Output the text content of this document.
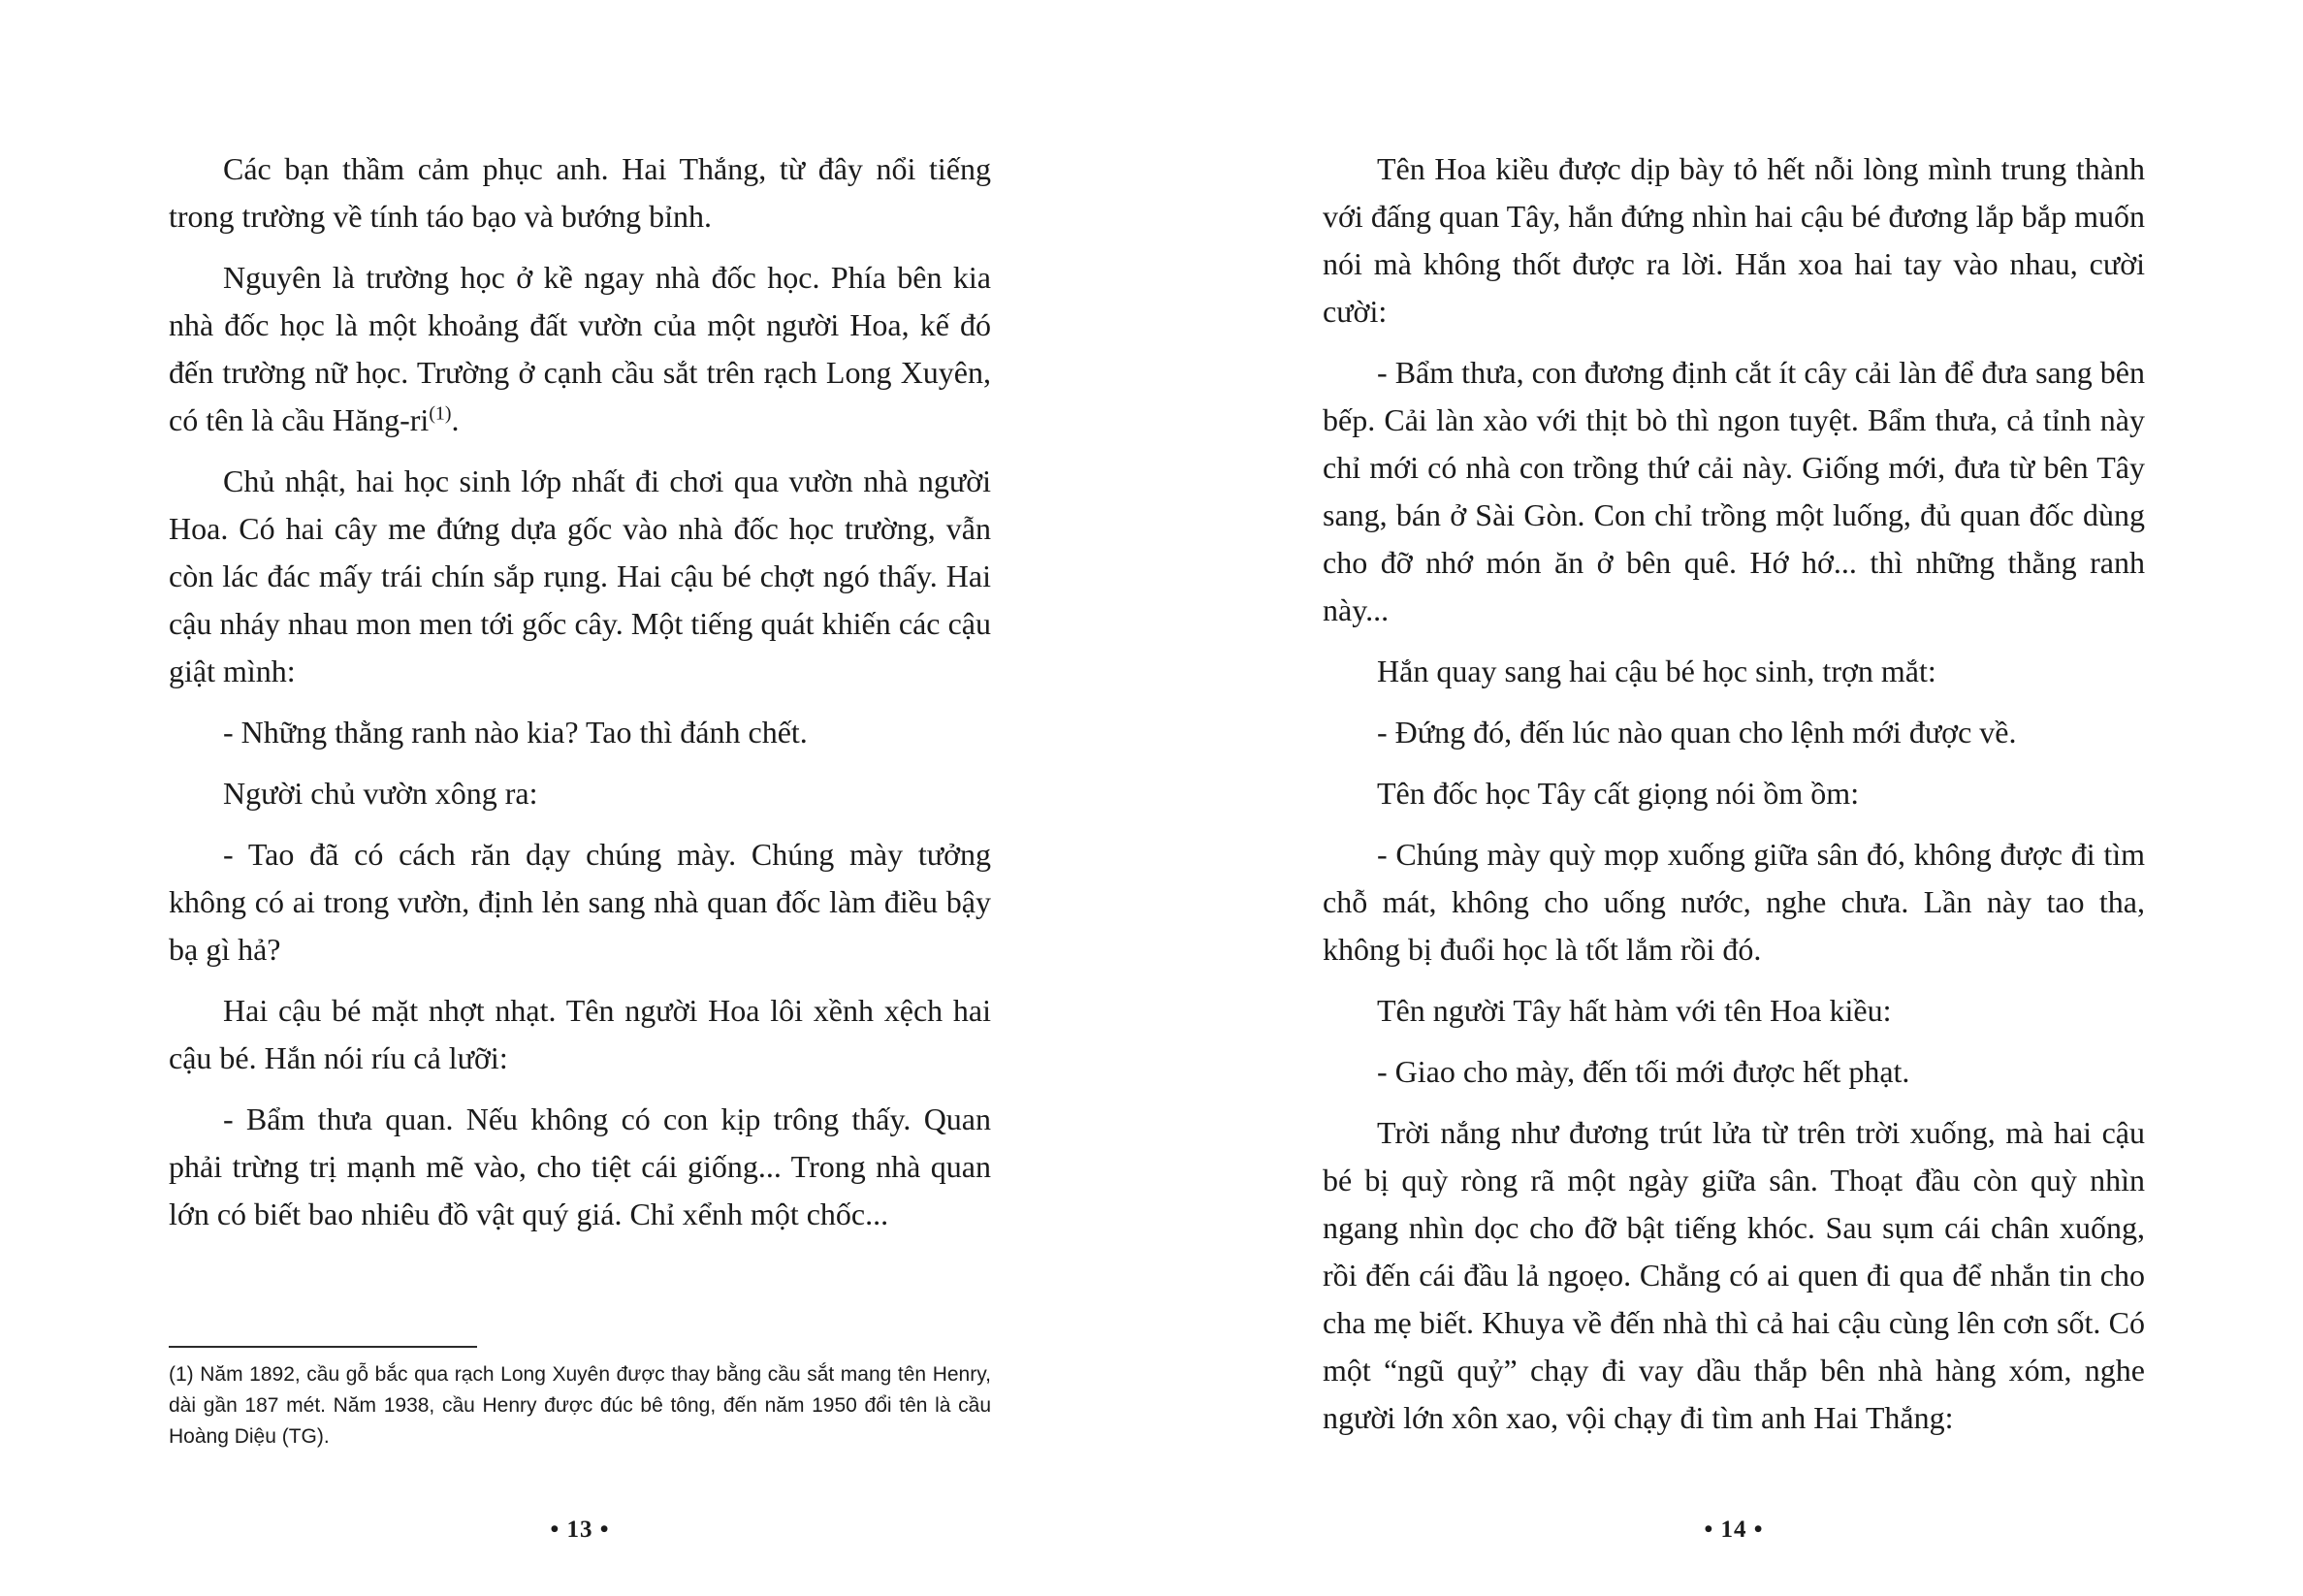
Các bạn thầm cảm phục anh. Hai Thắng, từ đây nổi tiếng trong trường về tính táo bạo và bướng bỉnh.

Nguyên là trường học ở kề ngay nhà đốc học. Phía bên kia nhà đốc học là một khoảng đất vườn của một người Hoa, kế đó đến trường nữ học. Trường ở cạnh cầu sắt trên rạch Long Xuyên, có tên là cầu Hăng-ri$^{(1)}$.

Chủ nhật, hai học sinh lớp nhất đi chơi qua vườn nhà người Hoa. Có hai cây me đứng dựa gốc vào nhà đốc học trường, vẫn còn lác đác mấy trái chín sắp rụng. Hai cậu bé chợt ngó thấy. Hai cậu nháy nhau mon men tới gốc cây. Một tiếng quát khiến các cậu giật mình:

- Những thằng ranh nào kia? Tao thì đánh chết.

Người chủ vườn xông ra:

- Tao đã có cách răn dạy chúng mày. Chúng mày tưởng không có ai trong vườn, định lẻn sang nhà quan đốc làm điều bậy bạ gì hả?

Hai cậu bé mặt nhợt nhạt. Tên người Hoa lôi xềnh xệch hai cậu bé. Hắn nói ríu cả lưỡi:

- Bẩm thưa quan. Nếu không có con kịp trông thấy. Quan phải trừng trị mạnh mẽ vào, cho tiệt cái giống... Trong nhà quan lớn có biết bao nhiêu đồ vật quý giá. Chỉ xểnh một chốc...

(1) Năm 1892, cầu gỗ bắc qua rạch Long Xuyên được thay bằng cầu sắt mang tên Henry, dài gần 187 mét. Năm 1938, cầu Henry được đúc bê tông, đến năm 1950 đổi tên là cầu Hoàng Diệu (TG).

Tên Hoa kiều được dịp bày tỏ hết nỗi lòng mình trung thành với đấng quan Tây, hắn đứng nhìn hai cậu bé đương lắp bắp muốn nói mà không thốt được ra lời. Hắn xoa hai tay vào nhau, cười cười:

- Bẩm thưa, con đương định cắt ít cây cải làn để đưa sang bên bếp. Cải làn xào với thịt bò thì ngon tuyệt. Bẩm thưa, cả tỉnh này chỉ mới có nhà con trồng thứ cải này. Giống mới, đưa từ bên Tây sang, bán ở Sài Gòn. Con chỉ trồng một luống, đủ quan đốc dùng cho đỡ nhớ món ăn ở bên quê. Hớ hớ... thì những thằng ranh này...

Hắn quay sang hai cậu bé học sinh, trợn mắt:

- Đứng đó, đến lúc nào quan cho lệnh mới được về.

Tên đốc học Tây cất giọng nói ồm ồm:

- Chúng mày quỳ mọp xuống giữa sân đó, không được đi tìm chỗ mát, không cho uống nước, nghe chưa. Lần này tao tha, không bị đuổi học là tốt lắm rồi đó.

Tên người Tây hất hàm với tên Hoa kiều:

- Giao cho mày, đến tối mới được hết phạt.

Trời nắng như đương trút lửa từ trên trời xuống, mà hai cậu bé bị quỳ ròng rã một ngày giữa sân. Thoạt đầu còn quỳ nhìn ngang nhìn dọc cho đỡ bật tiếng khóc. Sau sụm cái chân xuống, rồi đến cái đầu lả ngoẹo. Chẳng có ai quen đi qua để nhắn tin cho cha mẹ biết. Khuya về đến nhà thì cả hai cậu cùng lên cơn sốt. Có một “ngũ quỷ” chạy đi vay dầu thắp bên nhà hàng xóm, nghe người lớn xôn xao, vội chạy đi tìm anh Hai Thắng:

• 13 •	• 14 •
